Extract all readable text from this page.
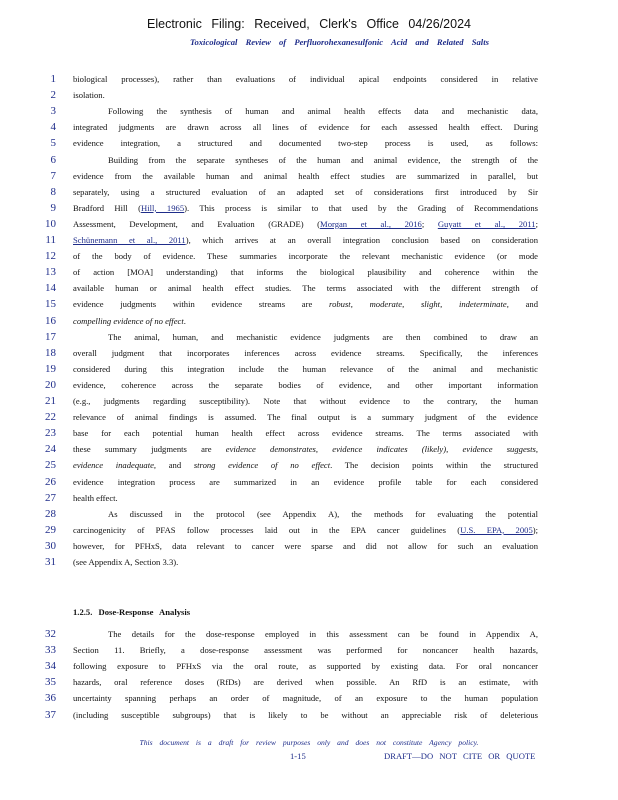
Electronic Filing: Received, Clerk's Office 04/26/2024
Toxicological Review of Perfluorohexanesulfonic Acid and Related Salts
1 biological processes), rather than evaluations of individual apical endpoints considered in relative
2 isolation.
3	Following the synthesis of human and animal health effects data and mechanistic data,
4 integrated judgments are drawn across all lines of evidence for each assessed health effect. During
5 evidence integration, a structured and documented two-step process is used, as follows:
6	Building from the separate syntheses of the human and animal evidence, the strength of the
7 evidence from the available human and animal health effect studies are summarized in parallel, but
8 separately, using a structured evaluation of an adapted set of considerations first introduced by Sir
9 Bradford Hill (Hill, 1965). This process is similar to that used by the Grading of Recommendations
10 Assessment, Development, and Evaluation (GRADE) (Morgan et al., 2016; Guyatt et al., 2011;
11 Schünemann et al., 2011), which arrives at an overall integration conclusion based on consideration
12 of the body of evidence. These summaries incorporate the relevant mechanistic evidence (or mode
13 of action [MOA] understanding) that informs the biological plausibility and coherence within the
14 available human or animal health effect studies. The terms associated with the different strength of
15 evidence judgments within evidence streams are robust, moderate, slight, indeterminate, and
16 compelling evidence of no effect.
17	The animal, human, and mechanistic evidence judgments are then combined to draw an
18 overall judgment that incorporates inferences across evidence streams. Specifically, the inferences
19 considered during this integration include the human relevance of the animal and mechanistic
20 evidence, coherence across the separate bodies of evidence, and other important information
21 (e.g., judgments regarding susceptibility). Note that without evidence to the contrary, the human
22 relevance of animal findings is assumed. The final output is a summary judgment of the evidence
23 base for each potential human health effect across evidence streams. The terms associated with
24 these summary judgments are evidence demonstrates, evidence indicates (likely), evidence suggests,
25 evidence inadequate, and strong evidence of no effect. The decision points within the structured
26 evidence integration process are summarized in an evidence profile table for each considered
27 health effect.
28	As discussed in the protocol (see Appendix A), the methods for evaluating the potential
29 carcinogenicity of PFAS follow processes laid out in the EPA cancer guidelines (U.S. EPA, 2005);
30 however, for PFHxS, data relevant to cancer were sparse and did not allow for such an evaluation
31 (see Appendix A, Section 3.3).
32	The details for the dose-response employed in this assessment can be found in Appendix A,
33 Section 11. Briefly, a dose-response assessment was performed for noncancer health hazards,
34 following exposure to PFHxS via the oral route, as supported by existing data. For oral noncancer
35 hazards, oral reference doses (RfDs) are derived when possible. An RfD is an estimate, with
36 uncertainty spanning perhaps an order of magnitude, of an exposure to the human population
37 (including susceptible subgroups) that is likely to be without an appreciable risk of deleterious
1.2.5. Dose-Response Analysis
This document is a draft for review purposes only and does not constitute Agency policy.
1-15	DRAFT—DO NOT CITE OR QUOTE
